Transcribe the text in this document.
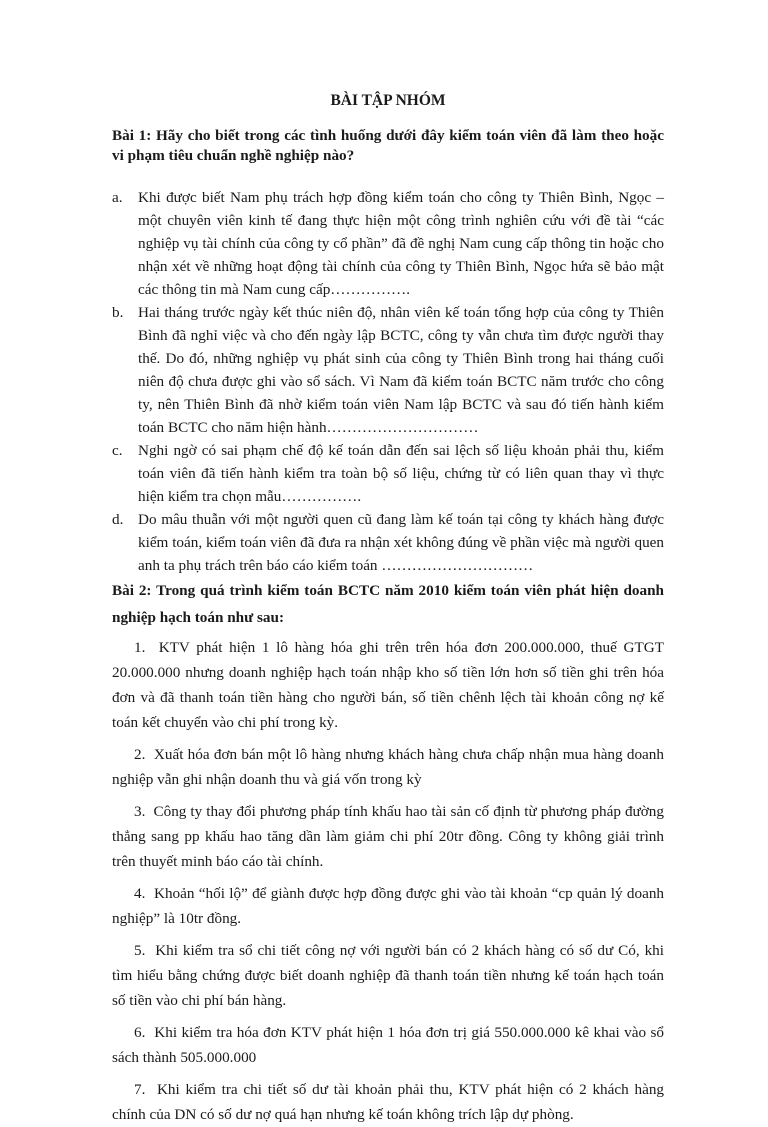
BÀI TẬP NHÓM
Bài 1: Hãy cho biết trong các tình huống dưới đây kiểm toán viên đã làm theo hoặc vi phạm tiêu chuẩn nghề nghiệp nào?
a.	Khi được biết Nam phụ trách hợp đồng kiểm toán cho công ty Thiên Bình, Ngọc – một chuyên viên kinh tế đang thực hiện một công trình nghiên cứu với đề tài “các nghiệp vụ tài chính của công ty cổ phần” đã đề nghị Nam cung cấp thông tin hoặc cho nhận xét về những hoạt động tài chính của công ty Thiên Bình, Ngọc hứa sẽ bảo mật các thông tin mà Nam cung cấp…………….
b. Hai tháng trước ngày kết thúc niên độ, nhân viên kế toán tổng hợp của công ty Thiên Bình đã nghỉ việc và cho đến ngày lập BCTC, công ty vẫn chưa tìm được người thay thế. Do đó, những nghiệp vụ phát sinh của công ty Thiên Bình trong hai tháng cuối niên độ chưa được ghi vào sổ sách. Vì Nam đã kiểm toán BCTC năm trước cho công ty, nên Thiên Bình đã nhờ kiểm toán viên Nam lập BCTC và sau đó tiến hành kiểm toán BCTC cho năm hiện hành…………………………
c.	Nghi ngờ có sai phạm chế độ kế toán dẫn đến sai lệch số liệu khoản phải thu, kiểm toán viên đã tiến hành kiểm tra toàn bộ số liệu, chứng từ có liên quan thay vì thực hiện kiểm tra chọn mẫu…………….
d. Do mâu thuẫn với một người quen cũ đang làm kế toán tại công ty khách hàng được kiểm toán, kiểm toán viên đã đưa ra nhận xét không đúng về phần việc mà người quen anh ta phụ trách trên báo cáo kiểm toán …………………………
Bài 2: Trong quá trình kiểm toán BCTC năm 2010 kiểm toán viên phát hiện doanh nghiệp hạch toán như sau:
1. KTV phát hiện 1 lô hàng hóa ghi trên trên hóa đơn 200.000.000, thuế GTGT 20.000.000 nhưng doanh nghiệp hạch toán nhập kho số tiền lớn hơn số tiền ghi trên hóa đơn và đã thanh toán tiền hàng cho người bán, số tiền chênh lệch tài khoản công nợ kế toán kết chuyển vào chi phí trong kỳ.
2. Xuất hóa đơn bán một lô hàng nhưng khách hàng chưa chấp nhận mua hàng doanh nghiệp vẫn ghi nhận doanh thu và giá vốn trong kỳ
3. Công ty thay đổi phương pháp tính khấu hao tài sản cố định từ phương pháp đường thẳng sang pp khấu hao tăng dần làm giảm chi phí 20tr đồng. Công ty không giải trình trên thuyết minh báo cáo tài chính.
4. Khoản “hối lộ” để giành được hợp đồng được ghi vào tài khoản “cp quản lý doanh nghiệp” là 10tr đồng.
5. Khi kiểm tra sổ chi tiết công nợ với người bán có 2 khách hàng có số dư Có, khi tìm hiểu bằng chứng được biết doanh nghiệp đã thanh toán tiền nhưng kế toán hạch toán số tiền vào chi phí bán hàng.
6. Khi kiểm tra hóa đơn KTV phát hiện 1 hóa đơn trị giá 550.000.000 kê khai vào sổ sách thành 505.000.000
7. Khi kiểm tra chi tiết số dư tài khoản phải thu, KTV phát hiện có 2 khách hàng chính của DN có số dư nợ quá hạn nhưng kế toán không trích lập dự phòng.
